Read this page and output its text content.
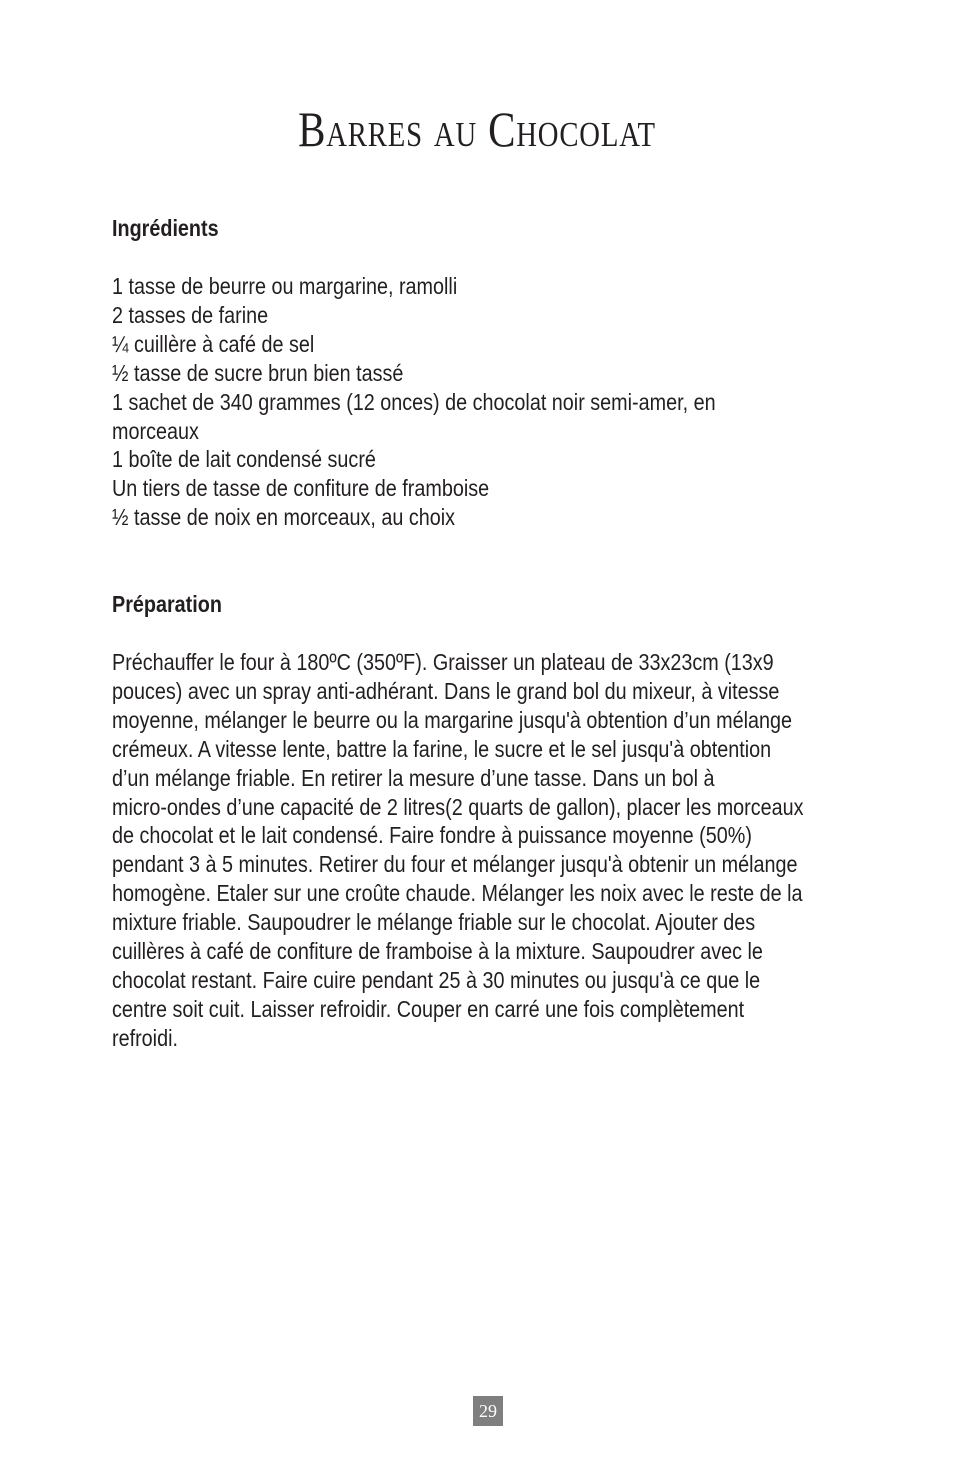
Barres au Chocolat
Ingrédients
1 tasse de beurre ou margarine, ramolli
2 tasses de farine
¼ cuillère à café de sel
½ tasse de sucre brun bien tassé
1 sachet de 340 grammes (12 onces) de chocolat noir semi-amer, en
morceaux
1 boîte de lait condensé sucré
Un tiers de tasse de confiture de framboise
½ tasse de noix en morceaux, au choix
Préparation

Préchauffer le four à 180ºC (350ºF). Graisser un plateau de 33x23cm (13x9
pouces) avec un spray anti-adhérant. Dans le grand bol du mixeur, à vitesse
moyenne, mélanger le beurre ou la margarine jusqu'à obtention d’un mélange
crémeux. A vitesse lente, battre la farine, le sucre et le sel jusqu'à obtention
d’un mélange friable. En retirer la mesure d’une tasse. Dans un bol à
micro-ondes d’une capacité de 2 litres(2 quarts de gallon), placer les morceaux
de chocolat et le lait condensé. Faire fondre à puissance moyenne (50%)
pendant 3 à 5 minutes. Retirer du four et mélanger jusqu'à obtenir un mélange
homogène. Etaler sur une croûte chaude. Mélanger les noix avec le reste de la
mixture friable. Saupoudrer le mélange friable sur le chocolat. Ajouter des
cuillères à café de confiture de framboise à la mixture. Saupoudrer avec le
chocolat restant. Faire cuire pendant 25 à 30 minutes ou jusqu'à ce que le
centre soit cuit. Laisser refroidir. Couper en carré une fois complètement
refroidi.

29
